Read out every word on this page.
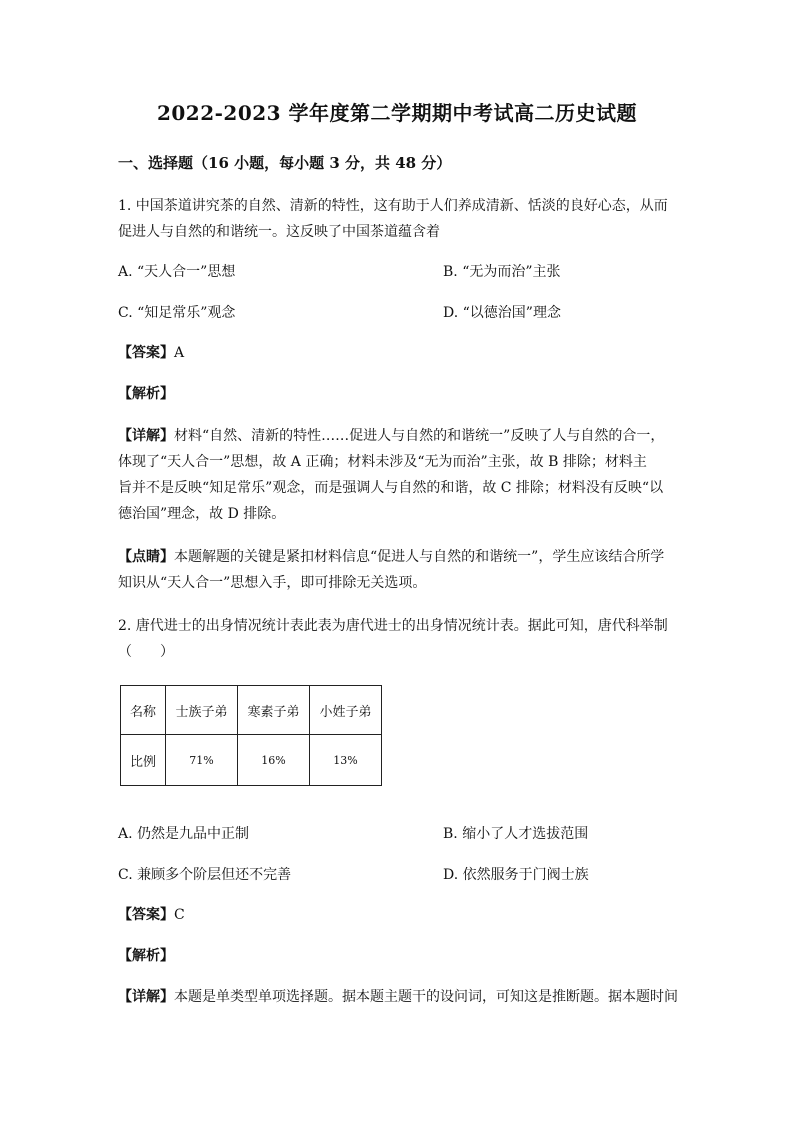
2022-2023 学年度第二学期期中考试高二历史试题
一、选择题（16 小题，每小题 3 分，共 48 分）
1. 中国茶道讲究茶的自然、清新的特性，这有助于人们养成清新、恬淡的良好心态，从而
促进人与自然的和谐统一。这反映了中国茶道蕴含着
A. “天人合一”思想	B. “无为而治”主张
C. “知足常乐”观念	D. “以德治国”理念
【答案】A
【解析】
【详解】材料“自然、清新的特性……促进人与自然的和谐统一”反映了人与自然的合一，
体现了“天人合一”思想，故 A 正确；材料未涉及“无为而治”主张，故 B 排除；材料主
旨并不是反映“知足常乐”观念，而是强调人与自然的和谐，故 C 排除；材料没有反映“以
德治国”理念，故 D 排除。
【点睛】本题解题的关键是紧扣材料信息“促进人与自然的和谐统一”，学生应该结合所学
知识从“天人合一”思想入手，即可排除无关选项。
2. 唐代进士的出身情况统计表此表为唐代进士的出身情况统计表。据此可知，唐代科举制
（　　）
名称	士族子弟	寒素子弟	小姓子弟
比例	71%	16%	13%
A. 仍然是九品中正制	B. 缩小了人才选拔范围
C. 兼顾多个阶层但还不完善	D. 依然服务于门阀士族
【答案】C
【解析】
【详解】本题是单类型单项选择题。据本题主题干的设问词，可知这是推断题。据本题时间
